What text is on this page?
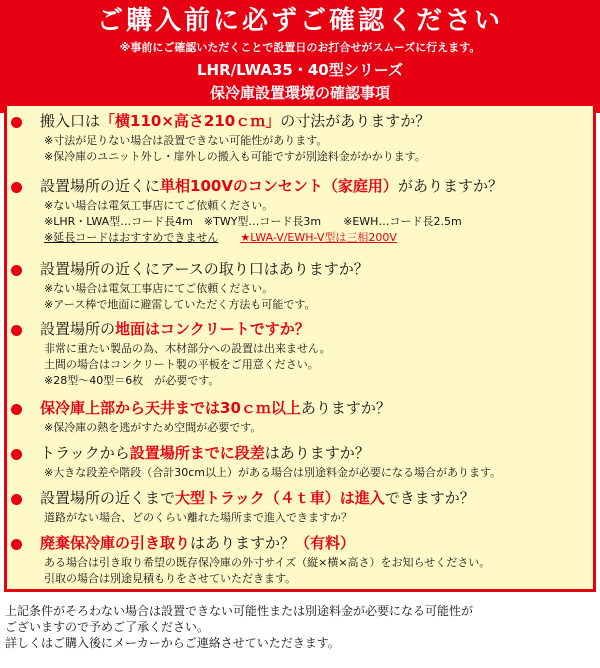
ご購入前に必ずご確認ください
※事前にご確認いただくことで設置日のお打合せがスムーズに行えます。
LHR/LWA35・40型シリーズ
保冷庫設置環境の確認事項
搬入口は「横110×高さ210ｃｍ」の寸法がありますか？
※寸法が足りない場合は設置できない可能性があります。
※保冷庫のユニット外し・扉外しの搬入も可能ですが別途料金がかかります。
設置場所の近くに単相100Vのコンセント（家庭用）がありますか？
※ない場合は電気工事店にてご依頼ください。
※LHR・LWA型…コード長4m　※TWY型…コード長3m　　※EWH…コード長2.5m
※延長コードはおすすめできません　　 ★LWA-V/EWH-V型は三相200V
設置場所の近くにアースの取り口はありますか？
※ない場合は電気工事店にてご依頼ください。
※アース棒で地面に避雷していただく方法も可能です。
設置場所の地面はコンクリートですか？
非常に重たい製品の為、木材部分への設置は出来ません。
土間の場合はコンクリート製の平板をご用意ください。
※28型～40型＝6枚　が必要です。
保冷庫上部から天井までは30ｃｍ以上ありますか？
※保冷庫の熱を逃がすため空間が必要です。
トラックから設置場所までに段差はありますか？
※大きな段差や階段（合計30cm以上）がある場合は別途料金が必要になる場合があります。
設置場所の近くまで大型トラック（４ｔ車）は進入できますか？
道路がない場合、どのくらい離れた場所まで進入できますか？
廃棄保冷庫の引き取りはありますか？（有料）
ある場合は引き取り希望の既存保冷庫の外寸サイズ（縦×横×高さ）をお知らせください。
引取の場合は別途見積もりをさせていただきます。
上記条件がそろわない場合は設置できない可能性または別途料金が必要になる可能性が
ございますので予めご了承ください。
詳しくはご購入後にメーカーからご連絡させていただきます。
